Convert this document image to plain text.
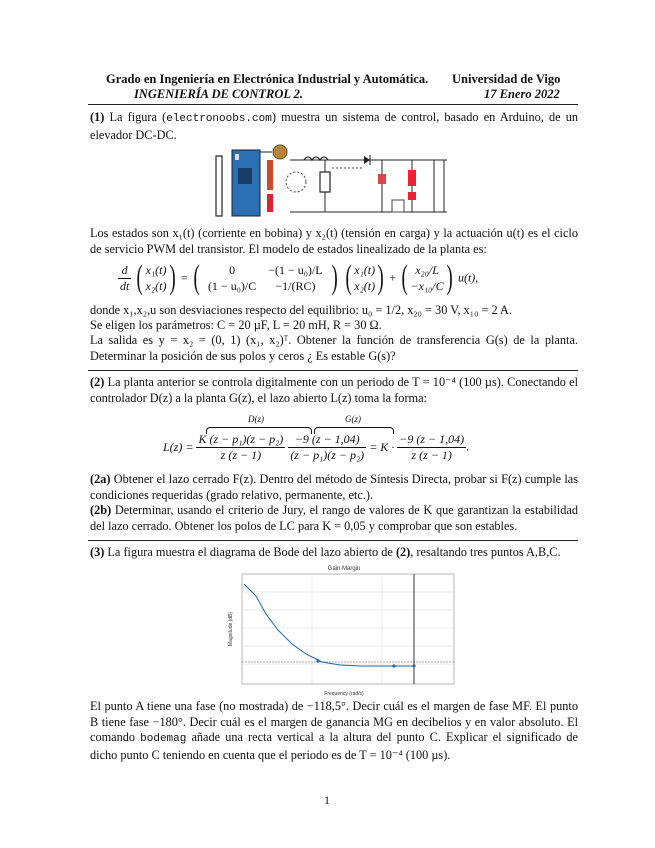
Grado en Ingeniería en Electrónica Industrial y Automática. Universidad de Vigo
INGENIERÍA DE CONTROL 2.	17 Enero 2022
(1) La figura (electronoobs.com) muestra un sistema de control, basado en Arduino, de un elevador DC-DC.
Los estados son x₁(t) (corriente en bobina) y x₂(t) (tensión en carga) y la actuación u(t) es el ciclo de servicio PWM del transistor. El modelo de estados linealizado de la planta es:
$\frac{d}{dt}$ ( x₁(t)
x₂(t)) = ( 0	−(1 − u₀)/L
(1 − u₀)/C	−1/(RC) ) ( x₁(t)
x₂(t)) + ( x₂₀/L
−x₁₀/C) u(t),
donde x₁,x₂,u son desviaciones respecto del equilibrio: u₀ = 1/2, x₂₀ = 30 V, x₁₀ = 2 A.
Se eligen los parámetros: C = 20 µF, L = 20 mH, R = 30 Ω.
La salida es y = x₂ = (0, 1) (x₁, x₂)ᵀ. Obtener la función de transferencia G(s) de la planta. Determinar la posición de sus polos y ceros ¿ Es estable G(s)?
(2) La planta anterior se controla digitalmente con un periodo de T = 10⁻⁴ (100 µs). Conectando el controlador D(z) a la planta G(z), el lazo abierto L(z) toma la forma:
D(z)	G(z)
$L(z) = \frac{\text{K (z − p₁)(z − p₂)}}{z (z - 1)}$
$\frac{-9 (z - 1,04)}{\text{(z − p₁)(z − p₂)}} = K \cdot \frac{-9 (z - 1,04)}{z (z - 1)}$ .
(2a) Obtener el lazo cerrado F(z). Dentro del método de Síntesis Directa, probar si F(z) cumple las condiciones requeridas (grado relativo, permanente, etc.).
(2b) Determinar, usando el criterio de Jury, el rango de valores de K que garantizan la estabilidad del lazo cerrado. Obtener los polos de LC para K = 0,05 y comprobar que son estables.
(3) La figura muestra el diagrama de Bode del lazo abierto de (2), resaltando tres puntos A,B,C.
Gain Margin
Frequency (rad/s)
Magnitude (dB)
El punto A tiene una fase (no mostrada) de −118,5°. Decir cuál es el margen de fase MF. El punto B tiene fase −180°. Decir cuál es el margen de ganancia MG en decibelios y en valor absoluto. El comando bodemag añade una recta vertical a la altura del punto C. Explicar el significado de dicho punto C teniendo en cuenta que el periodo es de T = 10⁻⁴ (100 µs).
1
